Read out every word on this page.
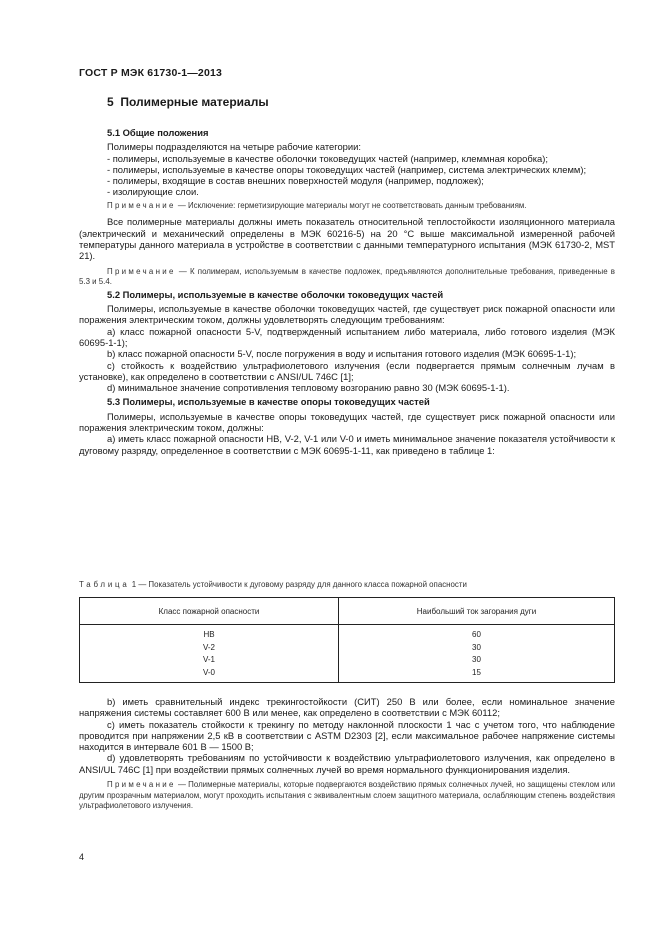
ГОСТ Р МЭК 61730-1—2013
5 Полимерные материалы

5.1 Общие положения

Полимеры подразделяются на четыре рабочие категории:

- полимеры, используемые в качестве оболочки токоведущих частей (например, клеммная коробка);

- полимеры, используемые в качестве опоры токоведущих частей (например, система электрических клемм);

- полимеры, входящие в состав внешних поверхностей модуля (например, подложек);

- изолирующие слои.

Примечание — Исключение: герметизирующие материалы могут не соответствовать данным требованиям.

Все полимерные материалы должны иметь показатель относительной теплостойкости изоляционного материала (электрический и механический определены в МЭК 60216-5) на 20 °С выше максимальной измеренной рабочей температуры данного материала в устройстве в соответствии с данными температурного испытания (МЭК 61730-2, MST 21).

Примечание — К полимерам, используемым в качестве подложек, предъявляются дополнительные требования, приведенные в 5.3 и 5.4.

5.2 Полимеры, используемые в качестве оболочки токоведущих частей

Полимеры, используемые в качестве оболочки токоведущих частей, где существует риск пожарной опасности или поражения электрическим током, должны удовлетворять следующим требованиям:

a) класс пожарной опасности 5-V, подтвержденный испытанием либо материала, либо готового изделия (МЭК 60695-1-1);

b) класс пожарной опасности 5-V, после погружения в воду и испытания готового изделия (МЭК 60695-1-1);

c) стойкость к воздействию ультрафиолетового излучения (если подвергается прямым солнечным лучам в установке), как определено в соответствии с ANSI/UL 746C [1];

d) минимальное значение сопротивления тепловому возгоранию равно 30 (МЭК 60695-1-1).

5.3 Полимеры, используемые в качестве опоры токоведущих частей

Полимеры, используемые в качестве опоры токоведущих частей, где существует риск пожарной опасности или поражения электрическим током, должны:

a) иметь класс пожарной опасности HB, V-2, V-1 или V-0 и иметь минимальное значение показателя устойчивости к дуговому разряду, определенное в соответствии с МЭК 60695-1-11, как приведено в таблице 1:

Таблица 1 — Показатель устойчивости к дуговому разряду для данного класса пожарной опасности
Класс пожарной опасности	Наибольший ток загорания дуги
HB	60
V-2	30
V-1	30
V-0	15

b) иметь сравнительный индекс трекингостойкости (СИТ) 250 В или более, если номинальное значение напряжения системы составляет 600 В или менее, как определено в соответствии с МЭК 60112;

c) иметь показатель стойкости к трекингу по методу наклонной плоскости 1 час с учетом того, что наблюдение проводится при напряжении 2,5 кВ в соответствии с ASTM D2303 [2], если максимальное рабочее напряжение системы находится в интервале 601 В — 1500 В;

d) удовлетворять требованиям по устойчивости к воздействию ультрафиолетового излучения, как определено в ANSI/UL 746C [1] при воздействии прямых солнечных лучей во время нормального функционирования изделия.

Примечание — Полимерные материалы, которые подвергаются воздействию прямых солнечных лучей, но защищены стеклом или другим прозрачным материалом, могут проходить испытания с эквивалентным слоем защитного материала, ослабляющим степень воздействия ультрафиолетового излучения.

4
